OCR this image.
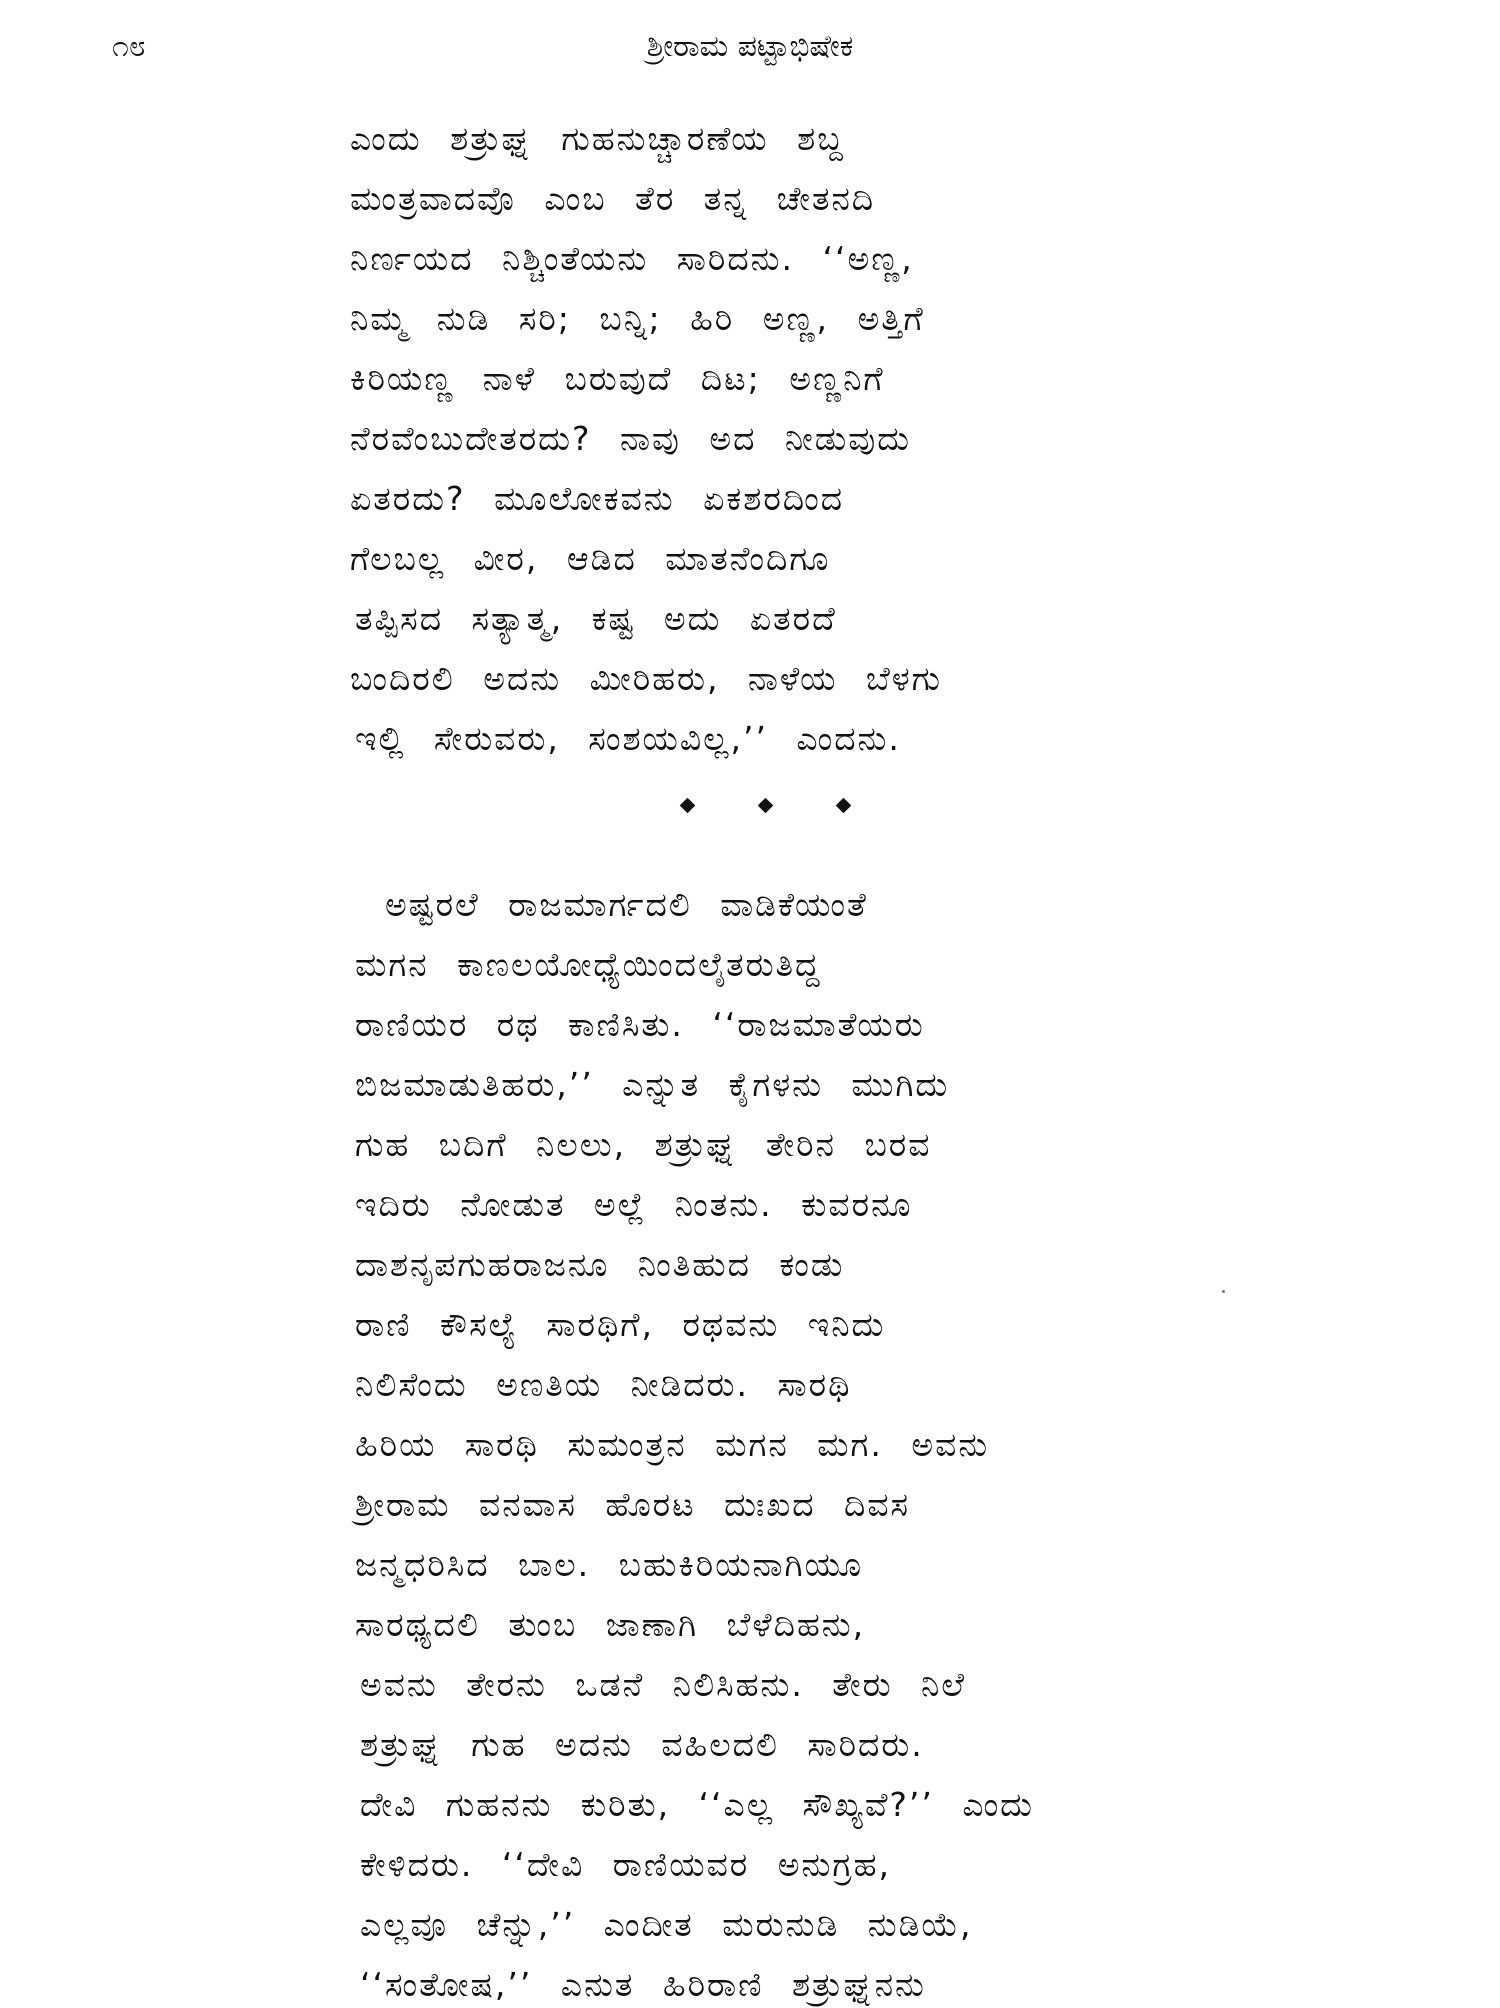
೧೮	ಶ್ರೀರಾಮ ಪಟ್ಟಾಭಿಷೇಕ
ಎಂದು ಶತ್ರುಘ್ನ ಗುಹನುಚ್ಚಾರಣೆಯ ಶಬ್ದ
ಮಂತ್ರವಾದವೊ ಎಂಬ ತೆರ ತನ್ನ ಚೇತನದಿ
ನಿರ್ಣಯದ ನಿಶ್ಚಿಂತೆಯನು ಸಾರಿದನು. ‘‘ಅಣ್ಣ,
ನಿಮ್ಮ ನುಡಿ ಸರಿ; ಬನ್ನಿ; ಹಿರಿ ಅಣ್ಣ, ಅತ್ತಿಗೆ
ಕಿರಿಯಣ್ಣ ನಾಳೆ ಬರುವುದೆ ದಿಟ; ಅಣ್ಣನಿಗೆ
ನೆರವೆಂಬುದೇತರದು? ನಾವು ಅದ ನೀಡುವುದು
ಏತರದು? ಮೂಲೋಕವನು ಏಕಶರದಿಂದ
ಗೆಲಬಲ್ಲ ವೀರ, ಆಡಿದ ಮಾತನೆಂದಿಗೂ
ತಪ್ಪಿಸದ ಸತ್ಯಾತ್ಮ, ಕಷ್ಟ ಅದು ಏತರದೆ
ಬಂದಿರಲಿ ಅದನು ಮೀರಿಹರು, ನಾಳೆಯ ಬೆಳಗು
ಇಲ್ಲಿ ಸೇರುವರು, ಸಂಶಯವಿಲ್ಲ,’’ ಎಂದನು.
ಅಷ್ಟರಲೆ ರಾಜಮಾರ್ಗದಲಿ ವಾಡಿಕೆಯಂತೆ
ಮಗನ ಕಾಣಲಯೋಧ್ಯೆಯಿಂದಲೈತರುತಿದ್ದ
ರಾಣಿಯರ ರಥ ಕಾಣಿಸಿತು. ‘‘ರಾಜಮಾತೆಯರು
ಬಿಜಮಾಡುತಿಹರು,’’ ಎನ್ನುತ ಕೈಗಳನು ಮುಗಿದು
ಗುಹ ಬದಿಗೆ ನಿಲಲು, ಶತ್ರುಘ್ನ ತೇರಿನ ಬರವ
ಇದಿರು ನೋಡುತ ಅಲ್ಲೆ ನಿಂತನು. ಕುವರನೂ
ದಾಶನೃಪಗುಹರಾಜನೂ ನಿಂತಿಹುದ ಕಂಡು
ರಾಣಿ ಕೌಸಲ್ಯೆ ಸಾರಥಿಗೆ, ರಥವನು ಇನಿದು
ನಿಲಿಸೆಂದು ಅಣತಿಯ ನೀಡಿದರು. ಸಾರಥಿ
ಹಿರಿಯ ಸಾರಥಿ ಸುಮಂತ್ರನ ಮಗನ ಮಗ. ಅವನು
ಶ್ರೀರಾಮ ವನವಾಸ ಹೊರಟ ದುಃಖದ ದಿವಸ
ಜನ್ಮಧರಿಸಿದ ಬಾಲ. ಬಹುಕಿರಿಯನಾಗಿಯೂ
ಸಾರಥ್ಯದಲಿ ತುಂಬ ಜಾಣಾಗಿ ಬೆಳೆದಿಹನು,
ಅವನು ತೇರನು ಒಡನೆ ನಿಲಿಸಿಹನು. ತೇರು ನಿಲೆ
ಶತ್ರುಘ್ನ ಗುಹ ಅದನು ವಹಿಲದಲಿ ಸಾರಿದರು.
ದೇವಿ ಗುಹನನು ಕುರಿತು, ‘‘ಎಲ್ಲ ಸೌಖ್ಯವೆ?’’ ಎಂದು
ಕೇಳಿದರು. ‘‘ದೇವಿ ರಾಣಿಯವರ ಅನುಗ್ರಹ,
ಎಲ್ಲವೂ ಚೆನ್ನು,’’ ಎಂದೀತ ಮರುನುಡಿ ನುಡಿಯೆ,
‘‘ಸಂತೋಷ,’’ ಎನುತ ಹಿರಿರಾಣಿ ಶತ್ರುಘ್ನನನು
